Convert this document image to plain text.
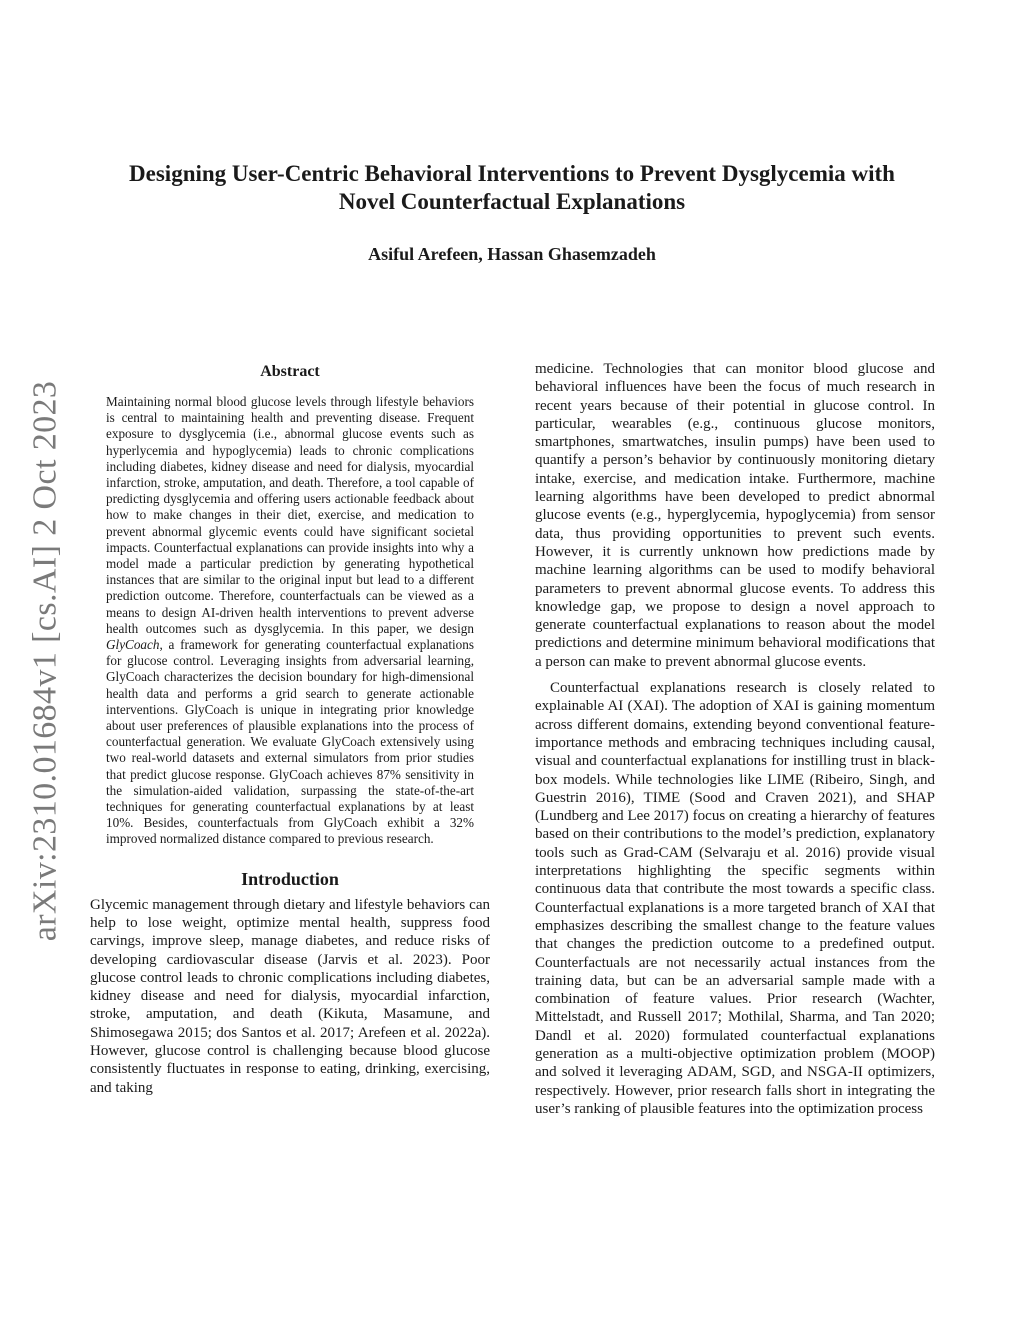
arXiv:2310.01684v1 [cs.AI] 2 Oct 2023
Designing User-Centric Behavioral Interventions to Prevent Dysglycemia with
Novel Counterfactual Explanations

Asiful Arefeen, Hassan Ghasemzadeh

Abstract

Maintaining normal blood glucose levels through lifestyle behaviors is central to maintaining health and preventing disease. Frequent exposure to dysglycemia (i.e., abnormal glucose events such as hyperlycemia and hypoglycemia) leads to chronic complications including diabetes, kidney disease and need for dialysis, myocardial infarction, stroke, amputation, and death. Therefore, a tool capable of predicting dysglycemia and offering users actionable feedback about how to make changes in their diet, exercise, and medication to prevent abnormal glycemic events could have significant societal impacts. Counterfactual explanations can provide insights into why a model made a particular prediction by generating hypothetical instances that are similar to the original input but lead to a different prediction outcome. Therefore, counterfactuals can be viewed as a means to design AI-driven health interventions to prevent adverse health outcomes such as dysglycemia. In this paper, we design GlyCoach, a framework for generating counterfactual explanations for glucose control. Leveraging insights from adversarial learning, GlyCoach characterizes the decision boundary for high-dimensional health data and performs a grid search to generate actionable interventions. GlyCoach is unique in integrating prior knowledge about user preferences of plausible explanations into the process of counterfactual generation. We evaluate GlyCoach extensively using two real-world datasets and external simulators from prior studies that predict glucose response. GlyCoach achieves 87% sensitivity in the simulation-aided validation, surpassing the state-of-the-art techniques for generating counterfactual explanations by at least 10%. Besides, counterfactuals from GlyCoach exhibit a 32% improved normalized distance compared to previous research.

Introduction

Glycemic management through dietary and lifestyle behaviors can help to lose weight, optimize mental health, suppress food carvings, improve sleep, manage diabetes, and reduce risks of developing cardiovascular disease (Jarvis et al. 2023). Poor glucose control leads to chronic complications including diabetes, kidney disease and need for dialysis, myocardial infarction, stroke, amputation, and death (Kikuta, Masamune, and Shimosegawa 2015; dos Santos et al. 2017; Arefeen et al. 2022a). However, glucose control is challenging because blood glucose consistently fluctuates in response to eating, drinking, exercising, and taking

medicine. Technologies that can monitor blood glucose and behavioral influences have been the focus of much research in recent years because of their potential in glucose control. In particular, wearables (e.g., continuous glucose monitors, smartphones, smartwatches, insulin pumps) have been used to quantify a person’s behavior by continuously monitoring dietary intake, exercise, and medication intake. Furthermore, machine learning algorithms have been developed to predict abnormal glucose events (e.g., hyperglycemia, hypoglycemia) from sensor data, thus providing opportunities to prevent such events. However, it is currently unknown how predictions made by machine learning algorithms can be used to modify behavioral parameters to prevent abnormal glucose events. To address this knowledge gap, we propose to design a novel approach to generate counterfactual explanations to reason about the model predictions and determine minimum behavioral modifications that a person can make to prevent abnormal glucose events.

Counterfactual explanations research is closely related to explainable AI (XAI). The adoption of XAI is gaining momentum across different domains, extending beyond conventional feature-importance methods and embracing techniques including causal, visual and counterfactual explanations for instilling trust in black-box models. While technologies like LIME (Ribeiro, Singh, and Guestrin 2016), TIME (Sood and Craven 2021), and SHAP (Lundberg and Lee 2017) focus on creating a hierarchy of features based on their contributions to the model’s prediction, explanatory tools such as Grad-CAM (Selvaraju et al. 2016) provide visual interpretations highlighting the specific segments within continuous data that contribute the most towards a specific class. Counterfactual explanations is a more targeted branch of XAI that emphasizes describing the smallest change to the feature values that changes the prediction outcome to a predefined output. Counterfactuals are not necessarily actual instances from the training data, but can be an adversarial sample made with a combination of feature values. Prior research (Wachter, Mittelstadt, and Russell 2017; Mothilal, Sharma, and Tan 2020; Dandl et al. 2020) formulated counterfactual explanations generation as a multi-objective optimization problem (MOOP) and solved it leveraging ADAM, SGD, and NSGA-II optimizers, respectively. However, prior research falls short in integrating the user’s ranking of plausible features into the optimization process
